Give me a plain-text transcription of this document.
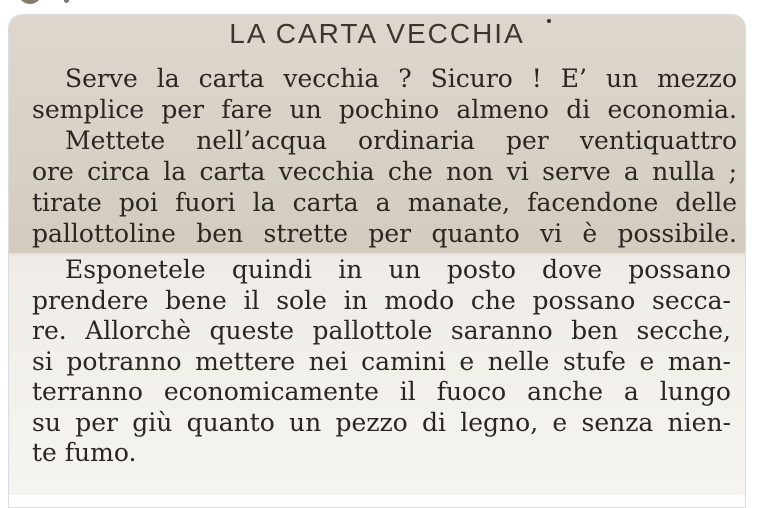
LA CARTA VECCHIA
Serve la carta vecchia ? Sicuro ! E’ un mezzo
semplice per fare un pochino almeno di economia.
Mettete nell’acqua ordinaria per ventiquattro
ore circa la carta vecchia che non vi serve a nulla ;
tirate poi fuori la carta a manate, facendone delle
pallottoline ben strette per quanto vi è possibile.
Esponetele quindi in un posto dove possano
prendere bene il sole in modo che possano secca-
re. Allorchè queste pallottole saranno ben secche,
si potranno mettere nei camini e nelle stufe e man-
terranno economicamente il fuoco anche a lungo
su per giù quanto un pezzo di legno, e senza nien-
te fumo.
